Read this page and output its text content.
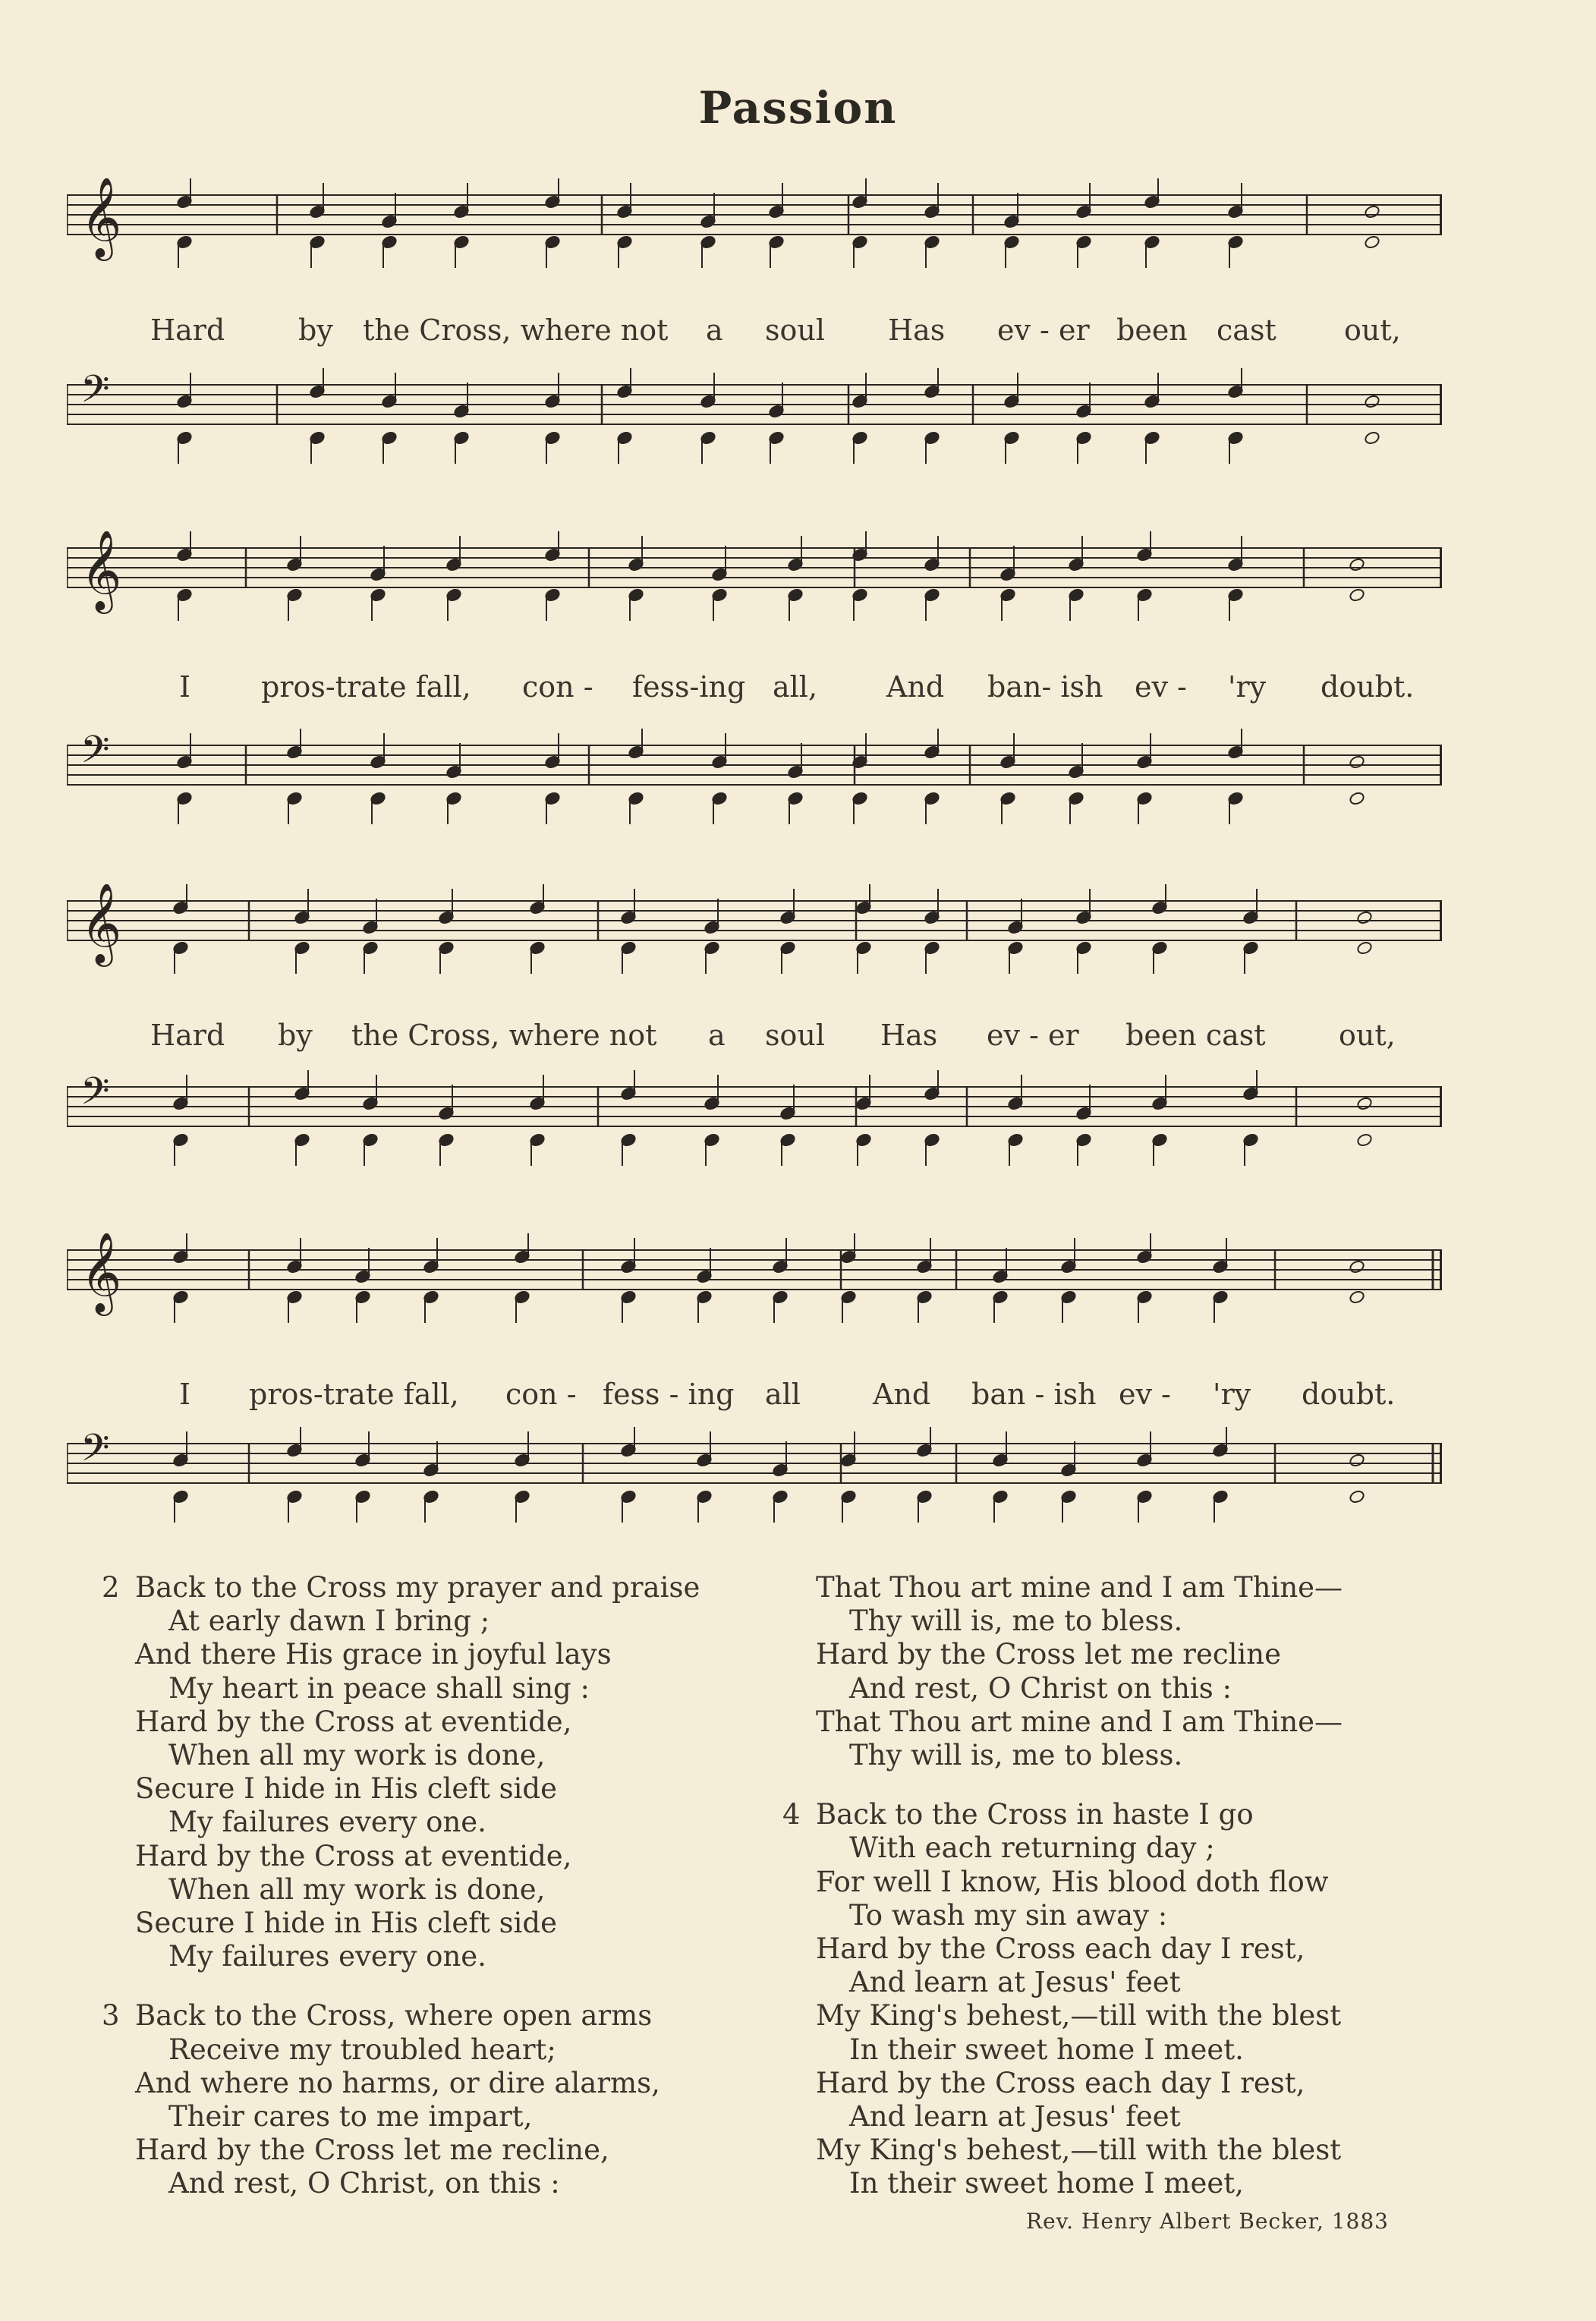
Passion
𝄞
Hard	by the Cross, where not a soul Has ev - er been cast out,
𝄢
𝄞
I pros-trate fall, con - fess-ing all, And ban- ish ev - 'ry doubt.
𝄢
𝄞
Hard by the Cross, where not a soul Has ev - er been cast	out,
𝄢
𝄞
I pros-trate fall, con - fess - ing all	And ban - ish ev - 'ry doubt.
𝄢
2 Back to the Cross my prayer and praise
At early dawn I bring ;
And there His grace in joyful lays
My heart in peace shall sing :
Hard by the Cross at eventide,
When all my work is done,
Secure I hide in His cleft side
My failures every one.
Hard by the Cross at eventide,
When all my work is done,
Secure I hide in His cleft side
My failures every one.
3 Back to the Cross, where open arms
Receive my troubled heart;
And where no harms, or dire alarms,
Their cares to me impart,
Hard by the Cross let me recline,
And rest, O Christ, on this :
That Thou art mine and I am Thine—
Thy will is, me to bless.
Hard by the Cross let me recline
And rest, O Christ on this :
That Thou art mine and I am Thine—
Thy will is, me to bless.
4 Back to the Cross in haste I go
With each returning day ;
For well I know, His blood doth flow
To wash my sin away :
Hard by the Cross each day I rest,
And learn at Jesus' feet
My King's behest,—till with the blest
In their sweet home I meet.
Hard by the Cross each day I rest,
And learn at Jesus' feet
My King's behest,—till with the blest
In their sweet home I meet,
Rev. Henry Albert Becker, 1883
